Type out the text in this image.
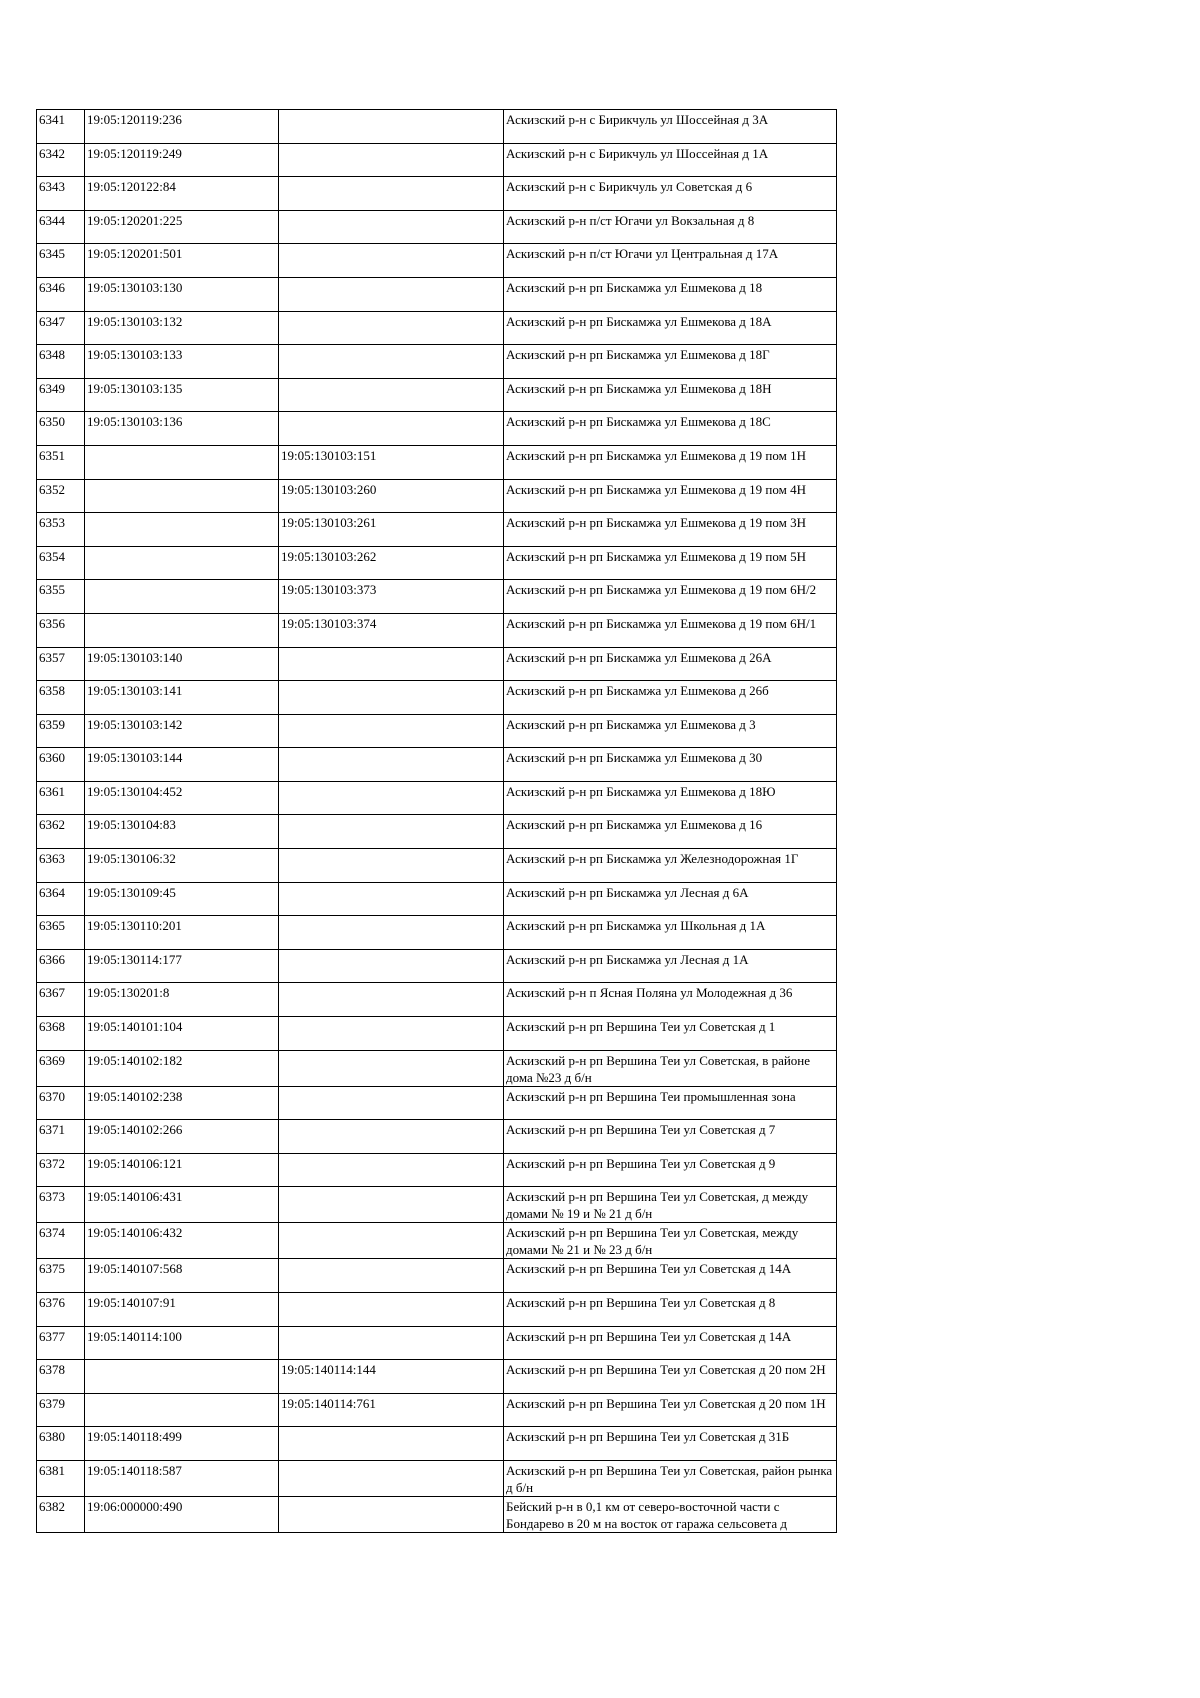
6341	19:05:120119:236		Аскизский р-н с Бирикчуль ул Шоссейная д 3А
6342	19:05:120119:249		Аскизский р-н с Бирикчуль ул Шоссейная д 1А
6343	19:05:120122:84		Аскизский р-н с Бирикчуль ул Советская д 6
6344	19:05:120201:225		Аскизский р-н п/ст Югачи ул Вокзальная д 8
6345	19:05:120201:501		Аскизский р-н п/ст Югачи ул Центральная д 17А
6346	19:05:130103:130		Аскизский р-н рп Бискамжа ул Ешмекова д 18
6347	19:05:130103:132		Аскизский р-н рп Бискамжа ул Ешмекова д 18А
6348	19:05:130103:133		Аскизский р-н рп Бискамжа ул Ешмекова д 18Г
6349	19:05:130103:135		Аскизский р-н рп Бискамжа ул Ешмекова д 18Н
6350	19:05:130103:136		Аскизский р-н рп Бискамжа ул Ешмекова д 18С
6351		19:05:130103:151	Аскизский р-н рп Бискамжа ул Ешмекова д 19 пом 1Н
6352		19:05:130103:260	Аскизский р-н рп Бискамжа ул Ешмекова д 19 пом 4Н
6353		19:05:130103:261	Аскизский р-н рп Бискамжа ул Ешмекова д 19 пом 3Н
6354		19:05:130103:262	Аскизский р-н рп Бискамжа ул Ешмекова д 19 пом 5Н
6355		19:05:130103:373	Аскизский р-н рп Бискамжа ул Ешмекова д 19 пом 6Н/2
6356		19:05:130103:374	Аскизский р-н рп Бискамжа ул Ешмекова д 19 пом 6Н/1
6357	19:05:130103:140		Аскизский р-н рп Бискамжа ул Ешмекова д 26А
6358	19:05:130103:141		Аскизский р-н рп Бискамжа ул Ешмекова д 26б
6359	19:05:130103:142		Аскизский р-н рп Бискамжа ул Ешмекова д 3
6360	19:05:130103:144		Аскизский р-н рп Бискамжа ул Ешмекова д 30
6361	19:05:130104:452		Аскизский р-н рп Бискамжа ул Ешмекова д 18Ю
6362	19:05:130104:83		Аскизский р-н рп Бискамжа ул Ешмекова д 16
6363	19:05:130106:32		Аскизский р-н рп Бискамжа ул Железнодорожная 1Г
6364	19:05:130109:45		Аскизский р-н рп Бискамжа ул Лесная д 6А
6365	19:05:130110:201		Аскизский р-н рп Бискамжа ул Школьная д 1А
6366	19:05:130114:177		Аскизский р-н рп Бискамжа ул Лесная д 1А
6367	19:05:130201:8		Аскизский р-н п Ясная Поляна ул Молодежная д 36
6368	19:05:140101:104		Аскизский р-н рп Вершина Теи ул Советская д 1
6369	19:05:140102:182		Аскизский р-н рп Вершина Теи ул Советская, в районе дома №23 д б/н
6370	19:05:140102:238		Аскизский р-н рп Вершина Теи промышленная зона
6371	19:05:140102:266		Аскизский р-н рп Вершина Теи ул Советская д 7
6372	19:05:140106:121		Аскизский р-н рп Вершина Теи ул Советская д 9
6373	19:05:140106:431		Аскизский р-н рп Вершина Теи ул Советская, д между домами № 19 и № 21 д б/н
6374	19:05:140106:432		Аскизский р-н рп Вершина Теи ул Советская, между домами № 21 и № 23 д б/н
6375	19:05:140107:568		Аскизский р-н рп Вершина Теи ул Советская д 14А
6376	19:05:140107:91		Аскизский р-н рп Вершина Теи ул Советская д 8
6377	19:05:140114:100		Аскизский р-н рп Вершина Теи ул Советская д 14А
6378		19:05:140114:144	Аскизский р-н рп Вершина Теи ул Советская д 20 пом 2Н
6379		19:05:140114:761	Аскизский р-н рп Вершина Теи ул Советская д 20 пом 1Н
6380	19:05:140118:499		Аскизский р-н рп Вершина Теи ул Советская д 31Б
6381	19:05:140118:587		Аскизский р-н рп Вершина Теи ул Советская, район рынка д б/н
6382	19:06:000000:490		Бейский р-н в 0,1 км от северо-восточной части с Бондарево в 20 м на восток от гаража сельсовета д
